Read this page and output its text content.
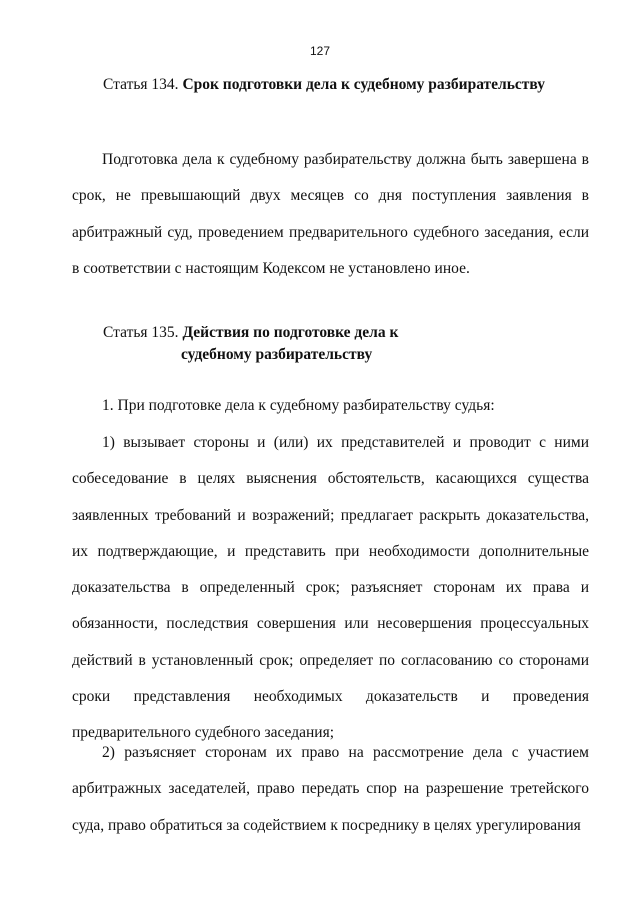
127
Статья 134. Срок подготовки дела к судебному разбирательству

Подготовка дела к судебному разбирательству должна быть завершена в срок, не превышающий двух месяцев со дня поступления заявления в арбитражный суд, проведением предварительного судебного заседания, если в соответствии с настоящим Кодексом не установлено иное.

Статья 135. Действия по подготовке дела к
судебному разбирательству

1. При подготовке дела к судебному разбирательству судья:

1) вызывает стороны и (или) их представителей и проводит с ними собеседование в целях выяснения обстоятельств, касающихся существа заявленных требований и возражений; предлагает раскрыть доказательства, их подтверждающие, и представить при необходимости дополнительные доказательства в определенный срок; разъясняет сторонам их права и обязанности, последствия совершения или несовершения процессуальных действий в установленный срок; определяет по согласованию со сторонами сроки представления необходимых доказательств и проведения предварительного судебного заседания;

2) разъясняет сторонам их право на рассмотрение дела с участием арбитражных заседателей, право передать спор на разрешение третейского суда, право обратиться за содействием к посреднику в целях урегулирования
